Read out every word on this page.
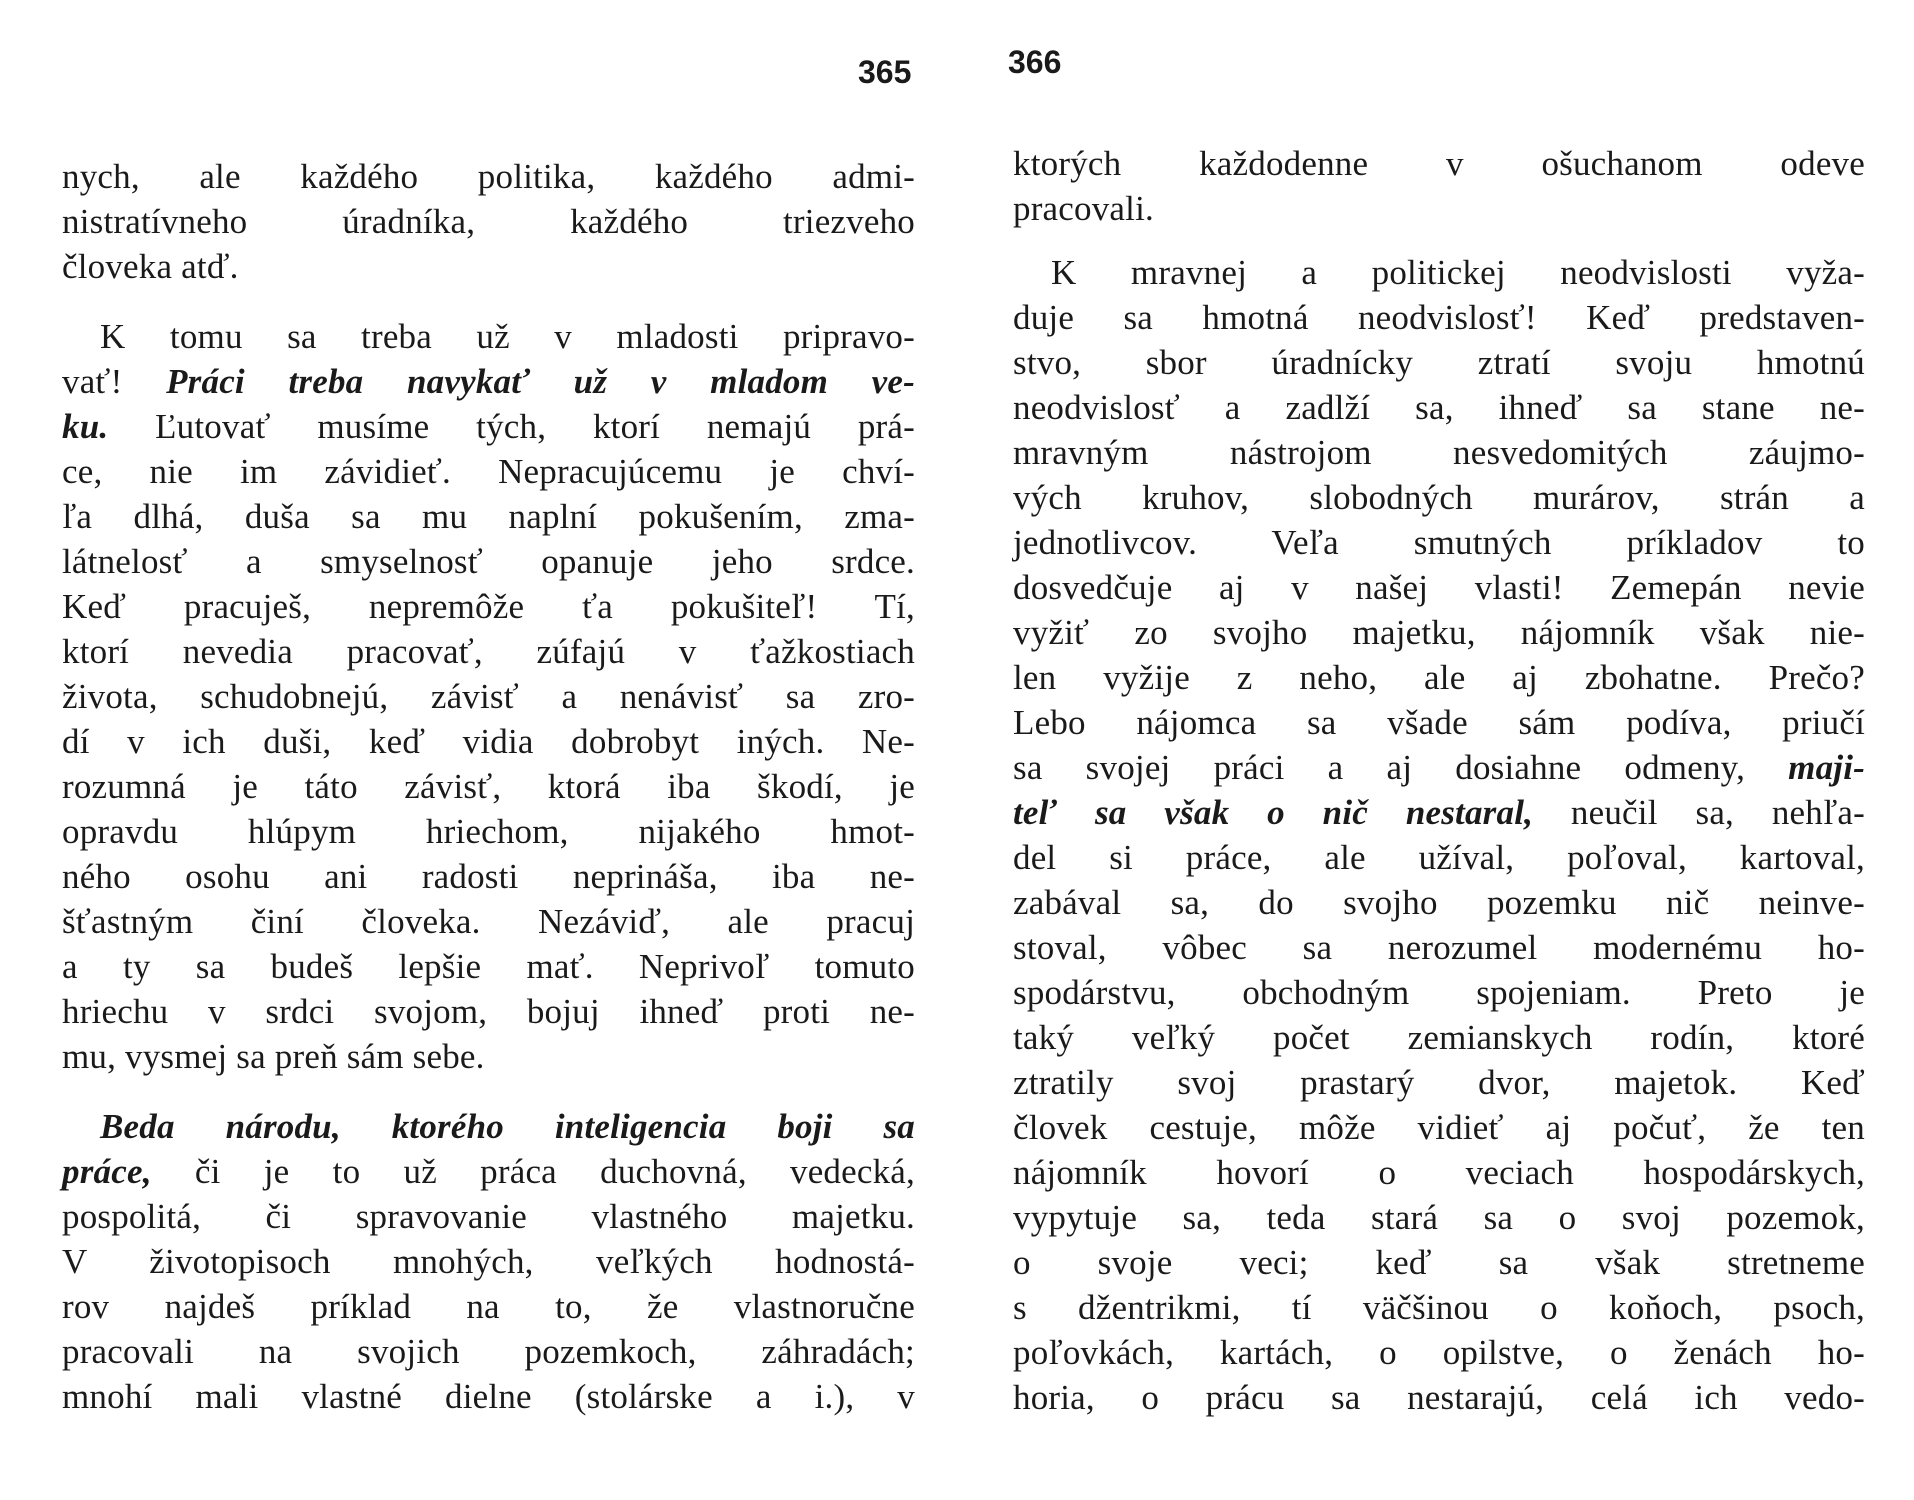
365	366
nych, ale každého politika, každého admi-
nistratívneho úradníka, každého triezveho
človeka atď.
K tomu sa treba už v mladosti pripravo-
vať! Práci treba navykať už v mladom ve-
ku. Ľutovať musíme tých, ktorí nemajú prá-
ce, nie im závidieť. Nepracujúcemu je chví-
ľa dlhá, duša sa mu naplní pokušením, zma-
látnelosť a smyselnosť opanuje jeho srdce.
Keď pracuješ, nepremôže ťa pokušiteľ! Tí,
ktorí nevedia pracovať, zúfajú v ťažkostiach
života, schudobnejú, závisť a nenávisť sa zro-
dí v ich duši, keď vidia dobrobyt iných. Ne-
rozumná je táto závisť, ktorá iba škodí, je
opravdu hlúpym hriechom, nijakého hmot-
ného osohu ani radosti neprináša, iba ne-
šťastným činí človeka. Nezáviď, ale pracuj
a ty sa budeš lepšie mať. Neprivoľ tomuto
hriechu v srdci svojom, bojuj ihneď proti ne-
mu, vysmej sa preň sám sebe.
Beda národu, ktorého inteligencia boji sa
práce, či je to už práca duchovná, vedecká,
pospolitá, či spravovanie vlastného majetku.
V životopisoch mnohých, veľkých hodnostá-
rov najdeš príklad na to, že vlastnoručne
pracovali na svojich pozemkoch, záhradách;
mnohí mali vlastné dielne (stolárske a i.), v
ktorých každodenne v ošuchanom odeve
pracovali.
K mravnej a politickej neodvislosti vyža-
duje sa hmotná neodvislosť! Keď predstaven-
stvo, sbor úradnícky ztratí svoju hmotnú
neodvislosť a zadlží sa, ihneď sa stane ne-
mravným nástrojom nesvedomitých záujmo-
vých kruhov, slobodných murárov, strán a
jednotlivcov. Veľa smutných príkladov to
dosvedčuje aj v našej vlasti! Zemepán nevie
vyžiť zo svojho majetku, nájomník však nie-
len vyžije z neho, ale aj zbohatne. Prečo?
Lebo nájomca sa všade sám podíva, priučí
sa svojej práci a aj dosiahne odmeny, maji-
teľ sa však o nič nestaral, neučil sa, nehľa-
del si práce, ale užíval, poľoval, kartoval,
zabával sa, do svojho pozemku nič neinve-
stoval, vôbec sa nerozumel modernému ho-
spodárstvu, obchodným spojeniam. Preto je
taký veľký počet zemianskych rodín, ktoré
ztratily svoj prastarý dvor, majetok. Keď
človek cestuje, môže vidieť aj počuť, že ten
nájomník hovorí o veciach hospodárskych,
vypytuje sa, teda stará sa o svoj pozemok,
o svoje veci; keď sa však stretneme
s džentrikmi, tí väčšinou o koňoch, psoch,
poľovkách, kartách, o opilstve, o ženách ho-
horia, o prácu sa nestarajú, celá ich vedo-
